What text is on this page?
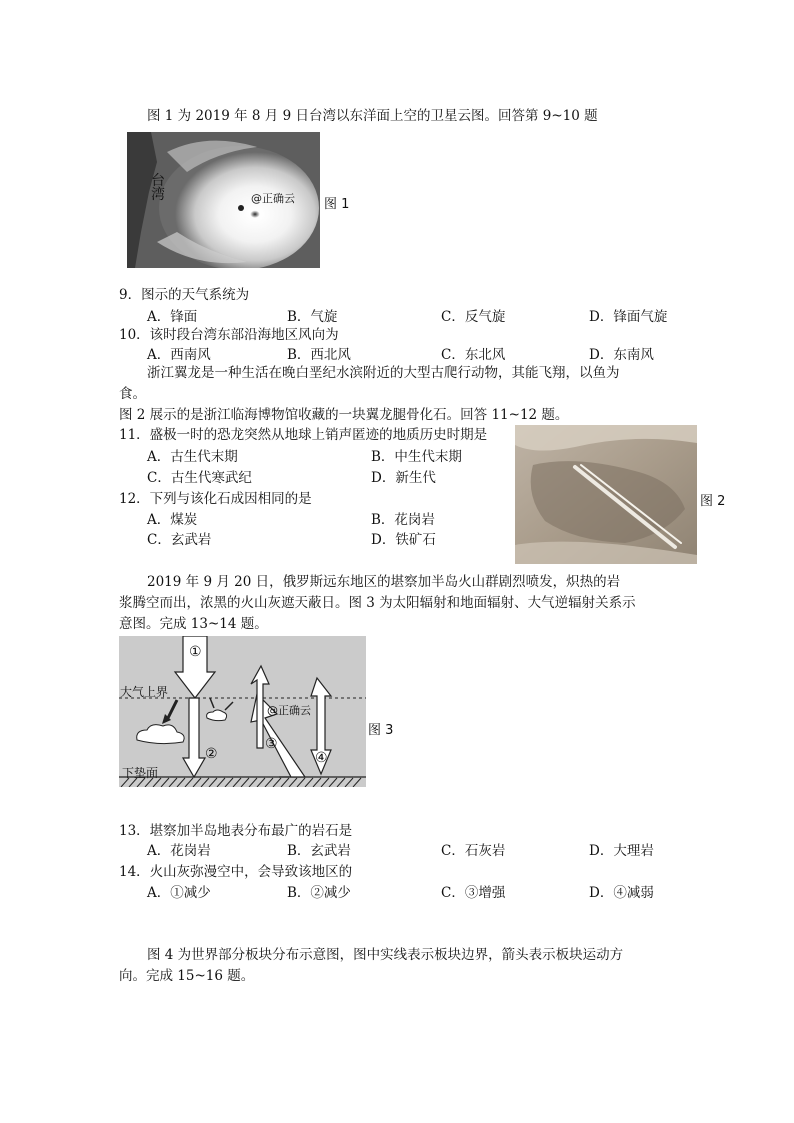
图 1 为 2019 年 8 月 9 日台湾以东洋面上空的卫星云图。回答第 9~10 题
台
湾	@正确云 图 1
9．图示的天气系统为
A．锋面	B．气旋	C．反气旋	D．锋面气旋
10．该时段台湾东部沿海地区风向为
A．西南风	B．西北风	C．东北风	D．东南风
浙江翼龙是一种生活在晚白垩纪水滨附近的大型古爬行动物，其能飞翔，以鱼为
食。
图 2 展示的是浙江临海博物馆收藏的一块翼龙腿骨化石。回答 11~12 题。
图 2
11．盛极一时的恐龙突然从地球上销声匿迹的地质历史时期是
A．古生代末期	B．中生代末期
C．古生代寒武纪	D．新生代
12．下列与该化石成因相同的是
A．煤炭	B．花岗岩
C．玄武岩	D．铁矿石
2019 年 9 月 20 日，俄罗斯远东地区的堪察加半岛火山群剧烈喷发，炽热的岩
浆腾空而出，浓黑的火山灰遮天蔽日。图 3 为太阳辐射和地面辐射、大气逆辐射关系示
意图。完成 13~14 题。
①
②
③
④
大气上界
下垫面
@正确云
图 3
13．堪察加半岛地表分布最广的岩石是
A．花岗岩	B．玄武岩	C．石灰岩	D．大理岩
14．火山灰弥漫空中，会导致该地区的
A．①减少	B．②减少	C．③增强	D．④减弱
图 4 为世界部分板块分布示意图，图中实线表示板块边界，箭头表示板块运动方
向。完成 15~16 题。
